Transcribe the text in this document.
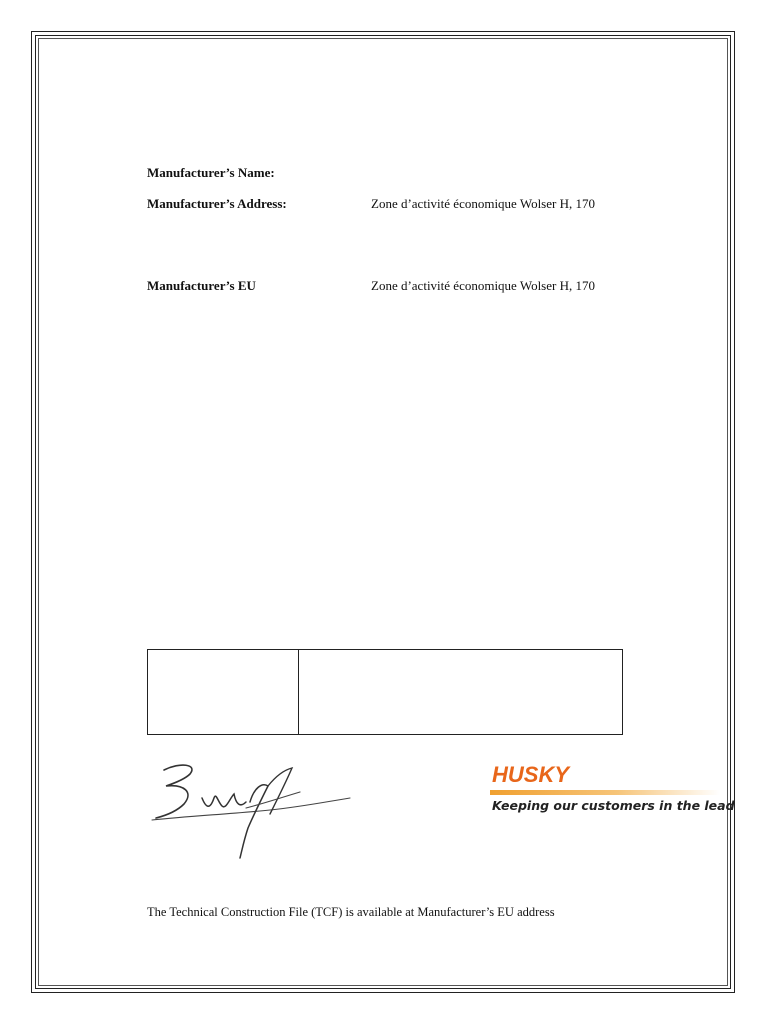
Manufacturer’s Name:
Manufacturer’s Address:	Zone d’activité économique Wolser H, 170
Manufacturer’s EU	Zone d’activité économique Wolser H, 170
HUSKY
Keeping our customers in the lead
The Technical Construction File (TCF) is available at Manufacturer’s EU address
